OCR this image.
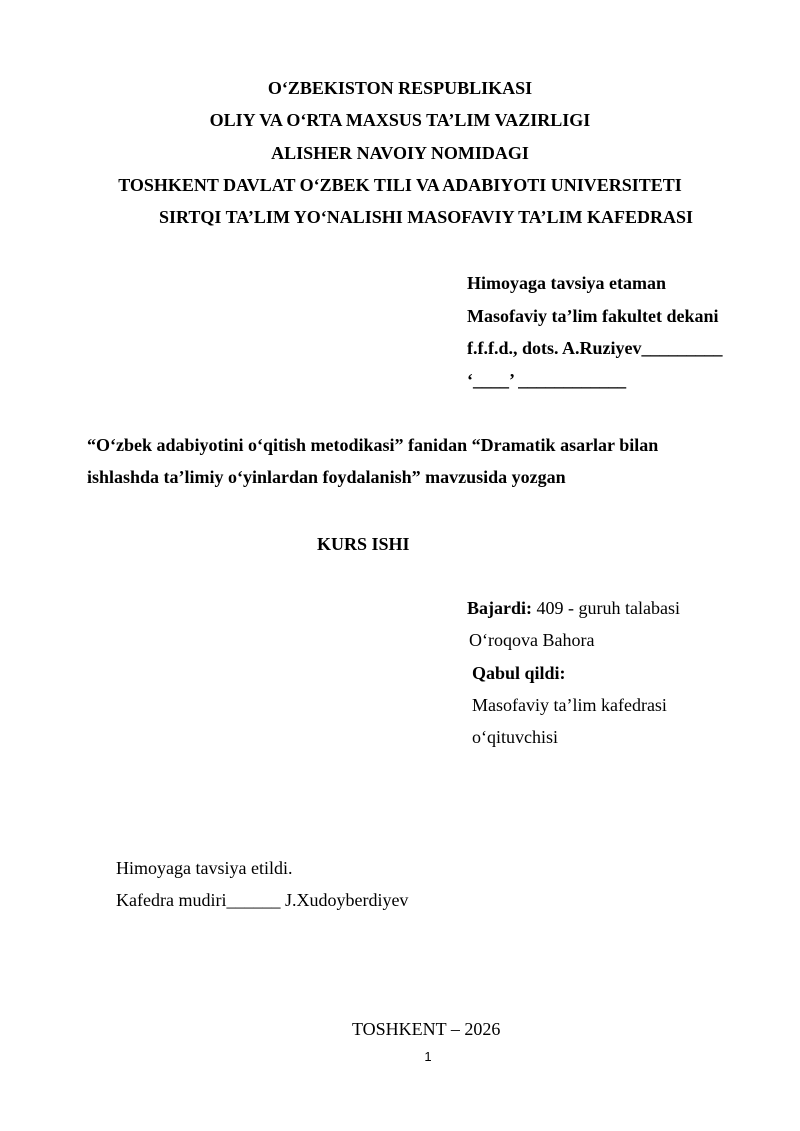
O‘ZBEKISTON RESPUBLIKASI
OLIY VA O‘RTA MAXSUS TA’LIM VAZIRLIGI
ALISHER NAVOIY NOMIDAGI
TOSHKENT DAVLAT O‘ZBEK TILI VA ADABIYOTI UNIVERSITETI
SIRTQI TA’LIM YO‘NALISHI MASOFAVIY TA’LIM KAFEDRASI
Himoyaga tavsiya etaman
Masofaviy ta’lim fakultet dekani
f.f.f.d., dots. A.Ruziyev_________
‘____’ ____________
“O‘zbek adabiyotini o‘qitish metodikasi” fanidan “Dramatik asarlar bilan
ishlashda ta’limiy o‘yinlardan foydalanish” mavzusida yozgan
KURS ISHI
Bajardi: 409 - guruh talabasi
O‘roqova Bahora
Qabul qildi:
Masofaviy ta’lim kafedrasi
o‘qituvchisi
Himoyaga tavsiya etildi.
Kafedra mudiri______ J.Xudoyberdiyev
TOSHKENT – 2026
1
